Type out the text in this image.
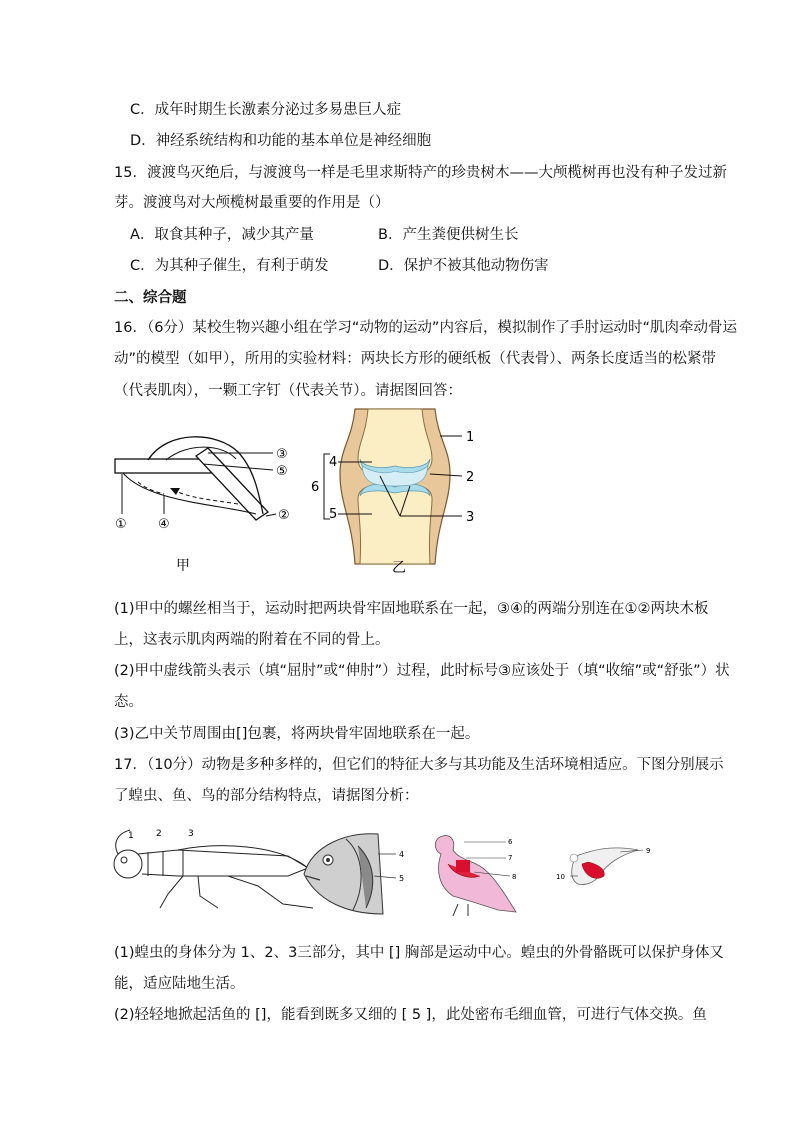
C．成年时期生长激素分泌过多易患巨人症
D．神经系统结构和功能的基本单位是神经细胞
15．渡渡鸟灭绝后，与渡渡鸟一样是毛里求斯特产的珍贵树木——大颅榄树再也没有种子发过新
芽。渡渡鸟对大颅榄树最重要的作用是（）
A．取食其种子，减少其产量	B．产生粪便供树生长
C．为其种子催生，有利于萌发	D．保护不被其他动物伤害
二、综合题
16．（6分）某校生物兴趣小组在学习“动物的运动”内容后，模拟制作了手肘运动时“肌肉牵动骨运
动”的模型（如甲），所用的实验材料：两块长方形的硬纸板（代表骨）、两条长度适当的松紧带
（代表肌肉），一颗工字钉（代表关节）。请据图回答：
③
⑤
②
① ④
甲
1
2
3
4
5
6
乙
(1)甲中的螺丝相当于，运动时把两块骨牢固地联系在一起，③④的两端分别连在①②两块木板
上，这表示肌肉两端的附着在不同的骨上。
(2)甲中虚线箭头表示（填“屈肘”或“伸肘”）过程，此时标号③应该处于（填“收缩”或“舒张”）状
态。
(3)乙中关节周围由[]包裹，将两块骨牢固地联系在一起。
17．（10分）动物是多种多样的，但它们的特征大多与其功能及生活环境相适应。下图分别展示
了蝗虫、鱼、鸟的部分结构特点，请据图分析：
1 2	3
4
5
6
7
8
9
10
(1)蝗虫的身体分为 1、2、3三部分，其中 [] 胸部是运动中心。蝗虫的外骨骼既可以保护身体又
能，适应陆地生活。
(2)轻轻地掀起活鱼的 []，能看到既多又细的 [ 5 ]，此处密布毛细血管，可进行气体交换。鱼
